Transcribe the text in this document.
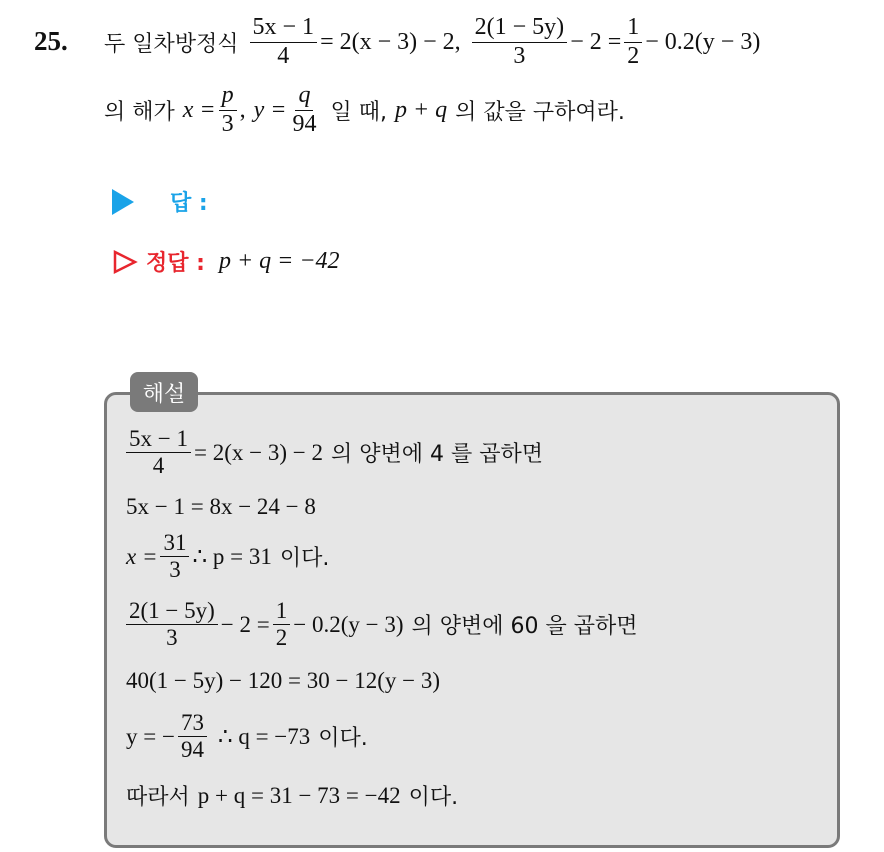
25. 두 일차방정식 $\frac{5x - 1}{4} = 2(x - 3) - 2$, $\frac{2(1 - 5y)}{3} - 2 = \frac{1}{2} - 0.2(y - 3)$
의 해가 $x = \frac{p}{3}$ , $y = \frac{q}{94}$ 일 때, p + q 의 값을 구하여라.
답 :
정답 : p + q = −42
해설
$\frac{5x - 1}{4} = 2(x - 3) - 2$ 의 양변에 4 를 곱하면
5x − 1 = 8x − 24 − 8
$x = \frac{31}{3}$ ∴ p = 31 이다.
$\frac{2(1 - 5y)}{3} - 2 = \frac{1}{2} - 0.2(y - 3)$ 의 양변에 60 을 곱하면
40(1 − 5y) − 120 = 30 − 12(y − 3)
y = − $\frac{73}{94}$ ∴ q = −73 이다.
따라서 p + q = 31 − 73 = −42 이다.
